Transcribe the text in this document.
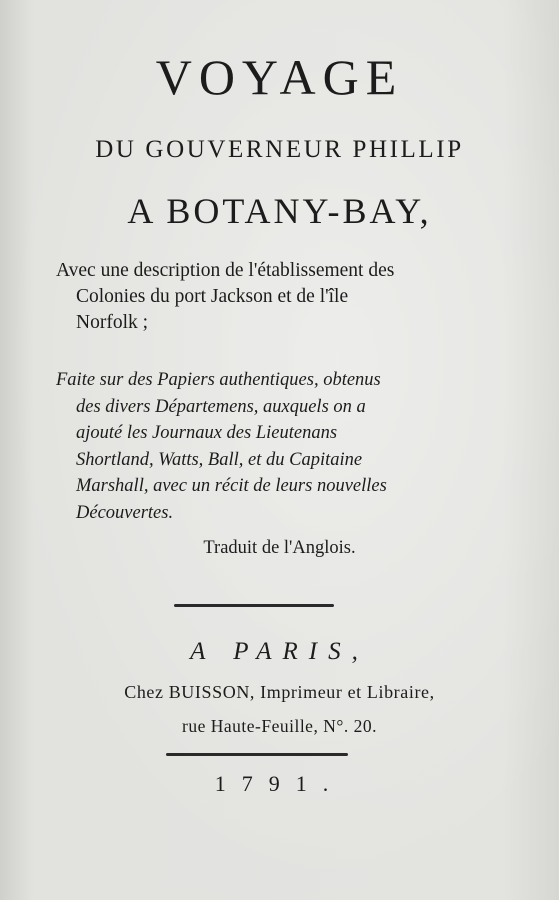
VOYAGE
DU GOUVERNEUR PHILLIP
A BOTANY-BAY,
Avec une description de l'établissement des
Colonies du port Jackson et de l'île
Norfolk ;
Faite sur des Papiers authentiques, obtenus
des divers Départemens, auxquels on a
ajouté les Journaux des Lieutenans
Shortland, Watts, Ball, et du Capitaine
Marshall, avec un récit de leurs nouvelles
Découvertes.
Traduit de l'Anglois.
A PARIS,
Chez BUISSON, Imprimeur et Libraire,
rue Haute-Feuille, N°. 20.
1791.
